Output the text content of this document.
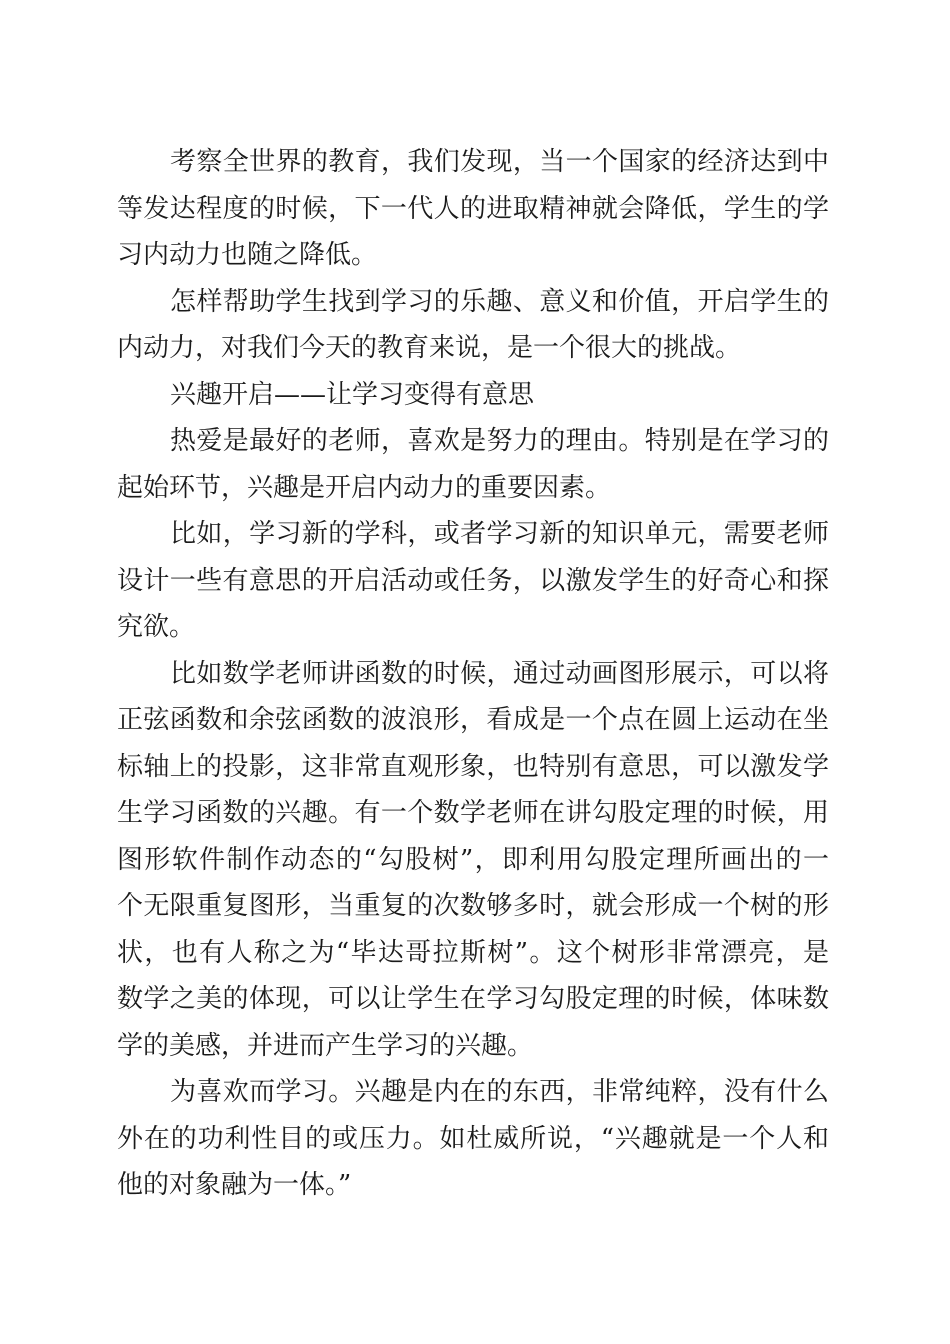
考察全世界的教育，我们发现，当一个国家的经济达到中
等发达程度的时候，下一代人的进取精神就会降低，学生的学
习内动力也随之降低。
怎样帮助学生找到学习的乐趣、意义和价值，开启学生的
内动力，对我们今天的教育来说，是一个很大的挑战。
兴趣开启——让学习变得有意思
热爱是最好的老师，喜欢是努力的理由。特别是在学习的
起始环节，兴趣是开启内动力的重要因素。
比如，学习新的学科，或者学习新的知识单元，需要老师
设计一些有意思的开启活动或任务，以激发学生的好奇心和探
究欲。
比如数学老师讲函数的时候，通过动画图形展示，可以将
正弦函数和余弦函数的波浪形，看成是一个点在圆上运动在坐
标轴上的投影，这非常直观形象，也特别有意思，可以激发学
生学习函数的兴趣。有一个数学老师在讲勾股定理的时候，用
图形软件制作动态的“勾股树”，即利用勾股定理所画出的一
个无限重复图形，当重复的次数够多时，就会形成一个树的形
状，也有人称之为“毕达哥拉斯树”。这个树形非常漂亮，是
数学之美的体现，可以让学生在学习勾股定理的时候，体味数
学的美感，并进而产生学习的兴趣。
为喜欢而学习。兴趣是内在的东西，非常纯粹，没有什么
外在的功利性目的或压力。如杜威所说，“兴趣就是一个人和
他的对象融为一体。”
